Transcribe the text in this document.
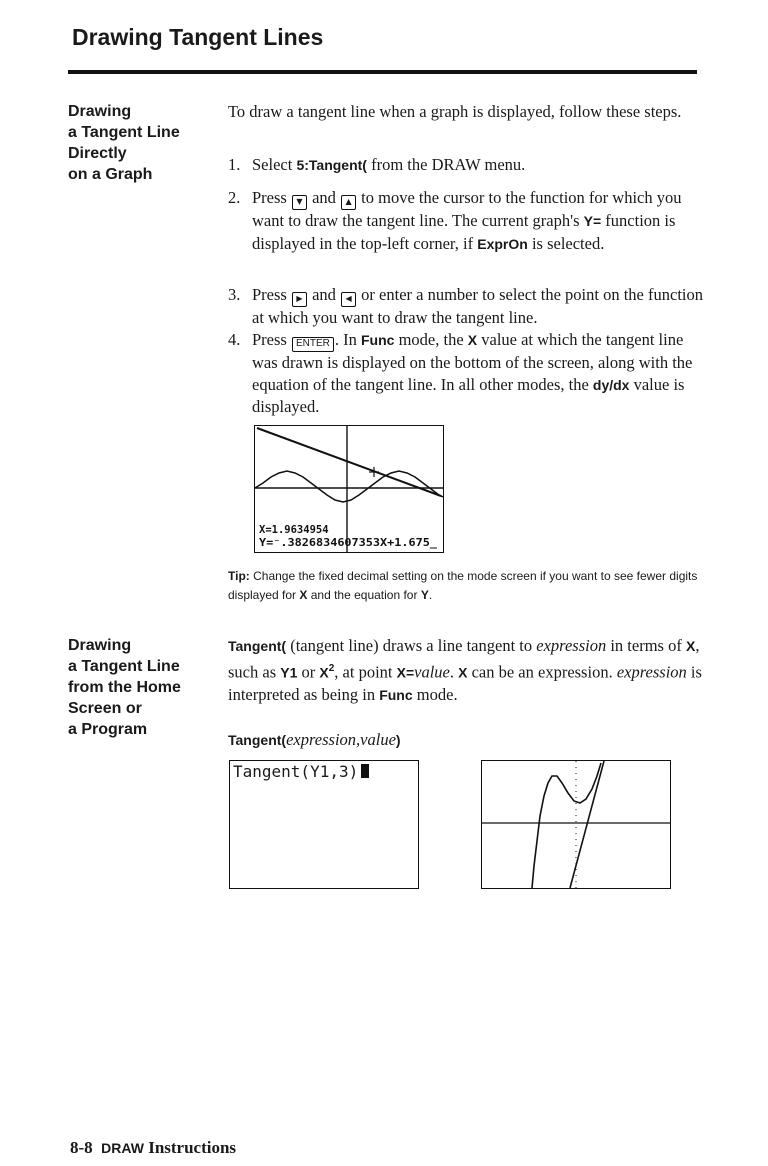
Drawing Tangent Lines
Drawing
a Tangent Line
Directly
on a Graph
To draw a tangent line when a graph is displayed, follow these steps.
1. Select 5:Tangent( from the DRAW menu.
2. Press ▼ and ▲ to move the cursor to the function for which you want to draw the tangent line. The current graph's Y= function is displayed in the top-left corner, if ExprOn is selected.
3. Press ▶ and ◀ or enter a number to select the point on the function at which you want to draw the tangent line.
4. Press ENTER . In Func mode, the X value at which the tangent line was drawn is displayed on the bottom of the screen, along with the equation of the tangent line. In all other modes, the dy/dx value is displayed.
X=1.9634954
Y=⁻.3826834607353X+1.675_
Tip: Change the fixed decimal setting on the mode screen if you want to see fewer digits displayed for X and the equation for Y.
Drawing
a Tangent Line
from the Home
Screen or
a Program
Tangent( (tangent line) draws a line tangent to expression in terms of X, such as Y1 or $X^2$, at point X=value. X can be an expression. expression is interpreted as being in Func mode.
Tangent(expression,value)
Tangent(Y1,3)
8-8 DRAW Instructions
